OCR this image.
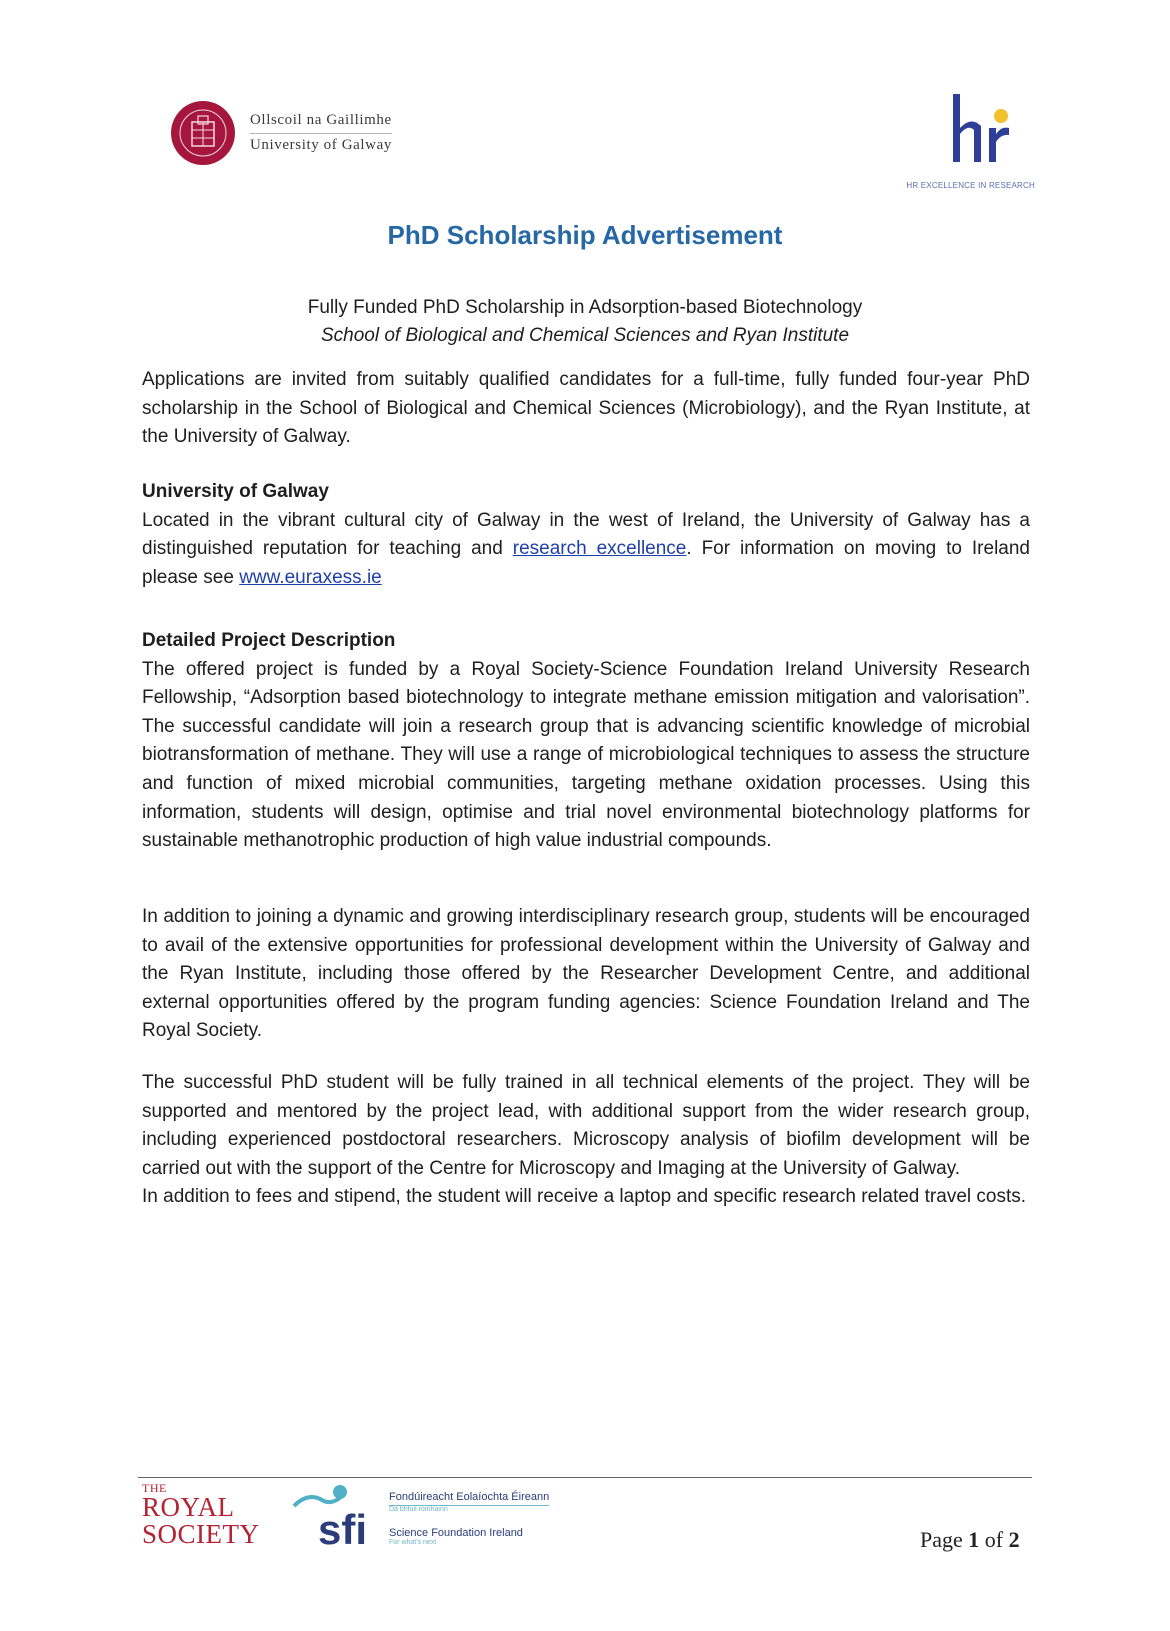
Ollscoil na Gaillimhe
University of Galway
HR EXCELLENCE IN RESEARCH
PhD Scholarship Advertisement
Fully Funded PhD Scholarship in Adsorption-based Biotechnology
School of Biological and Chemical Sciences and Ryan Institute

Applications are invited from suitably qualified candidates for a full-time, fully funded four-year PhD scholarship in the School of Biological and Chemical Sciences (Microbiology), and the Ryan Institute, at the University of Galway.

University of Galway

Located in the vibrant cultural city of Galway in the west of Ireland, the University of Galway has a distinguished reputation for teaching and research excellence. For information on moving to Ireland please see www.euraxess.ie

Detailed Project Description

The offered project is funded by a Royal Society-Science Foundation Ireland University Research Fellowship, “Adsorption based biotechnology to integrate methane emission mitigation and valorisation”. The successful candidate will join a research group that is advancing scientific knowledge of microbial biotransformation of methane. They will use a range of microbiological techniques to assess the structure and function of mixed microbial communities, targeting methane oxidation processes. Using this information, students will design, optimise and trial novel environmental biotechnology platforms for sustainable methanotrophic production of high value industrial compounds.

In addition to joining a dynamic and growing interdisciplinary research group, students will be encouraged to avail of the extensive opportunities for professional development within the University of Galway and the Ryan Institute, including those offered by the Researcher Development Centre, and additional external opportunities offered by the program funding agencies: Science Foundation Ireland and The Royal Society.

The successful PhD student will be fully trained in all technical elements of the project. They will be supported and mentored by the project lead, with additional support from the wider research group, including experienced postdoctoral researchers. Microscopy analysis of biofilm development will be carried out with the support of the Centre for Microscopy and Imaging at the University of Galway.

In addition to fees and stipend, the student will receive a laptop and specific research related travel costs.

THE
ROYAL
SOCIETY sfi
Fondúireacht Eolaíochta Éireann
Dá bhfuil romhainn
Science Foundation Ireland
For what's next	Page 1 of 2
